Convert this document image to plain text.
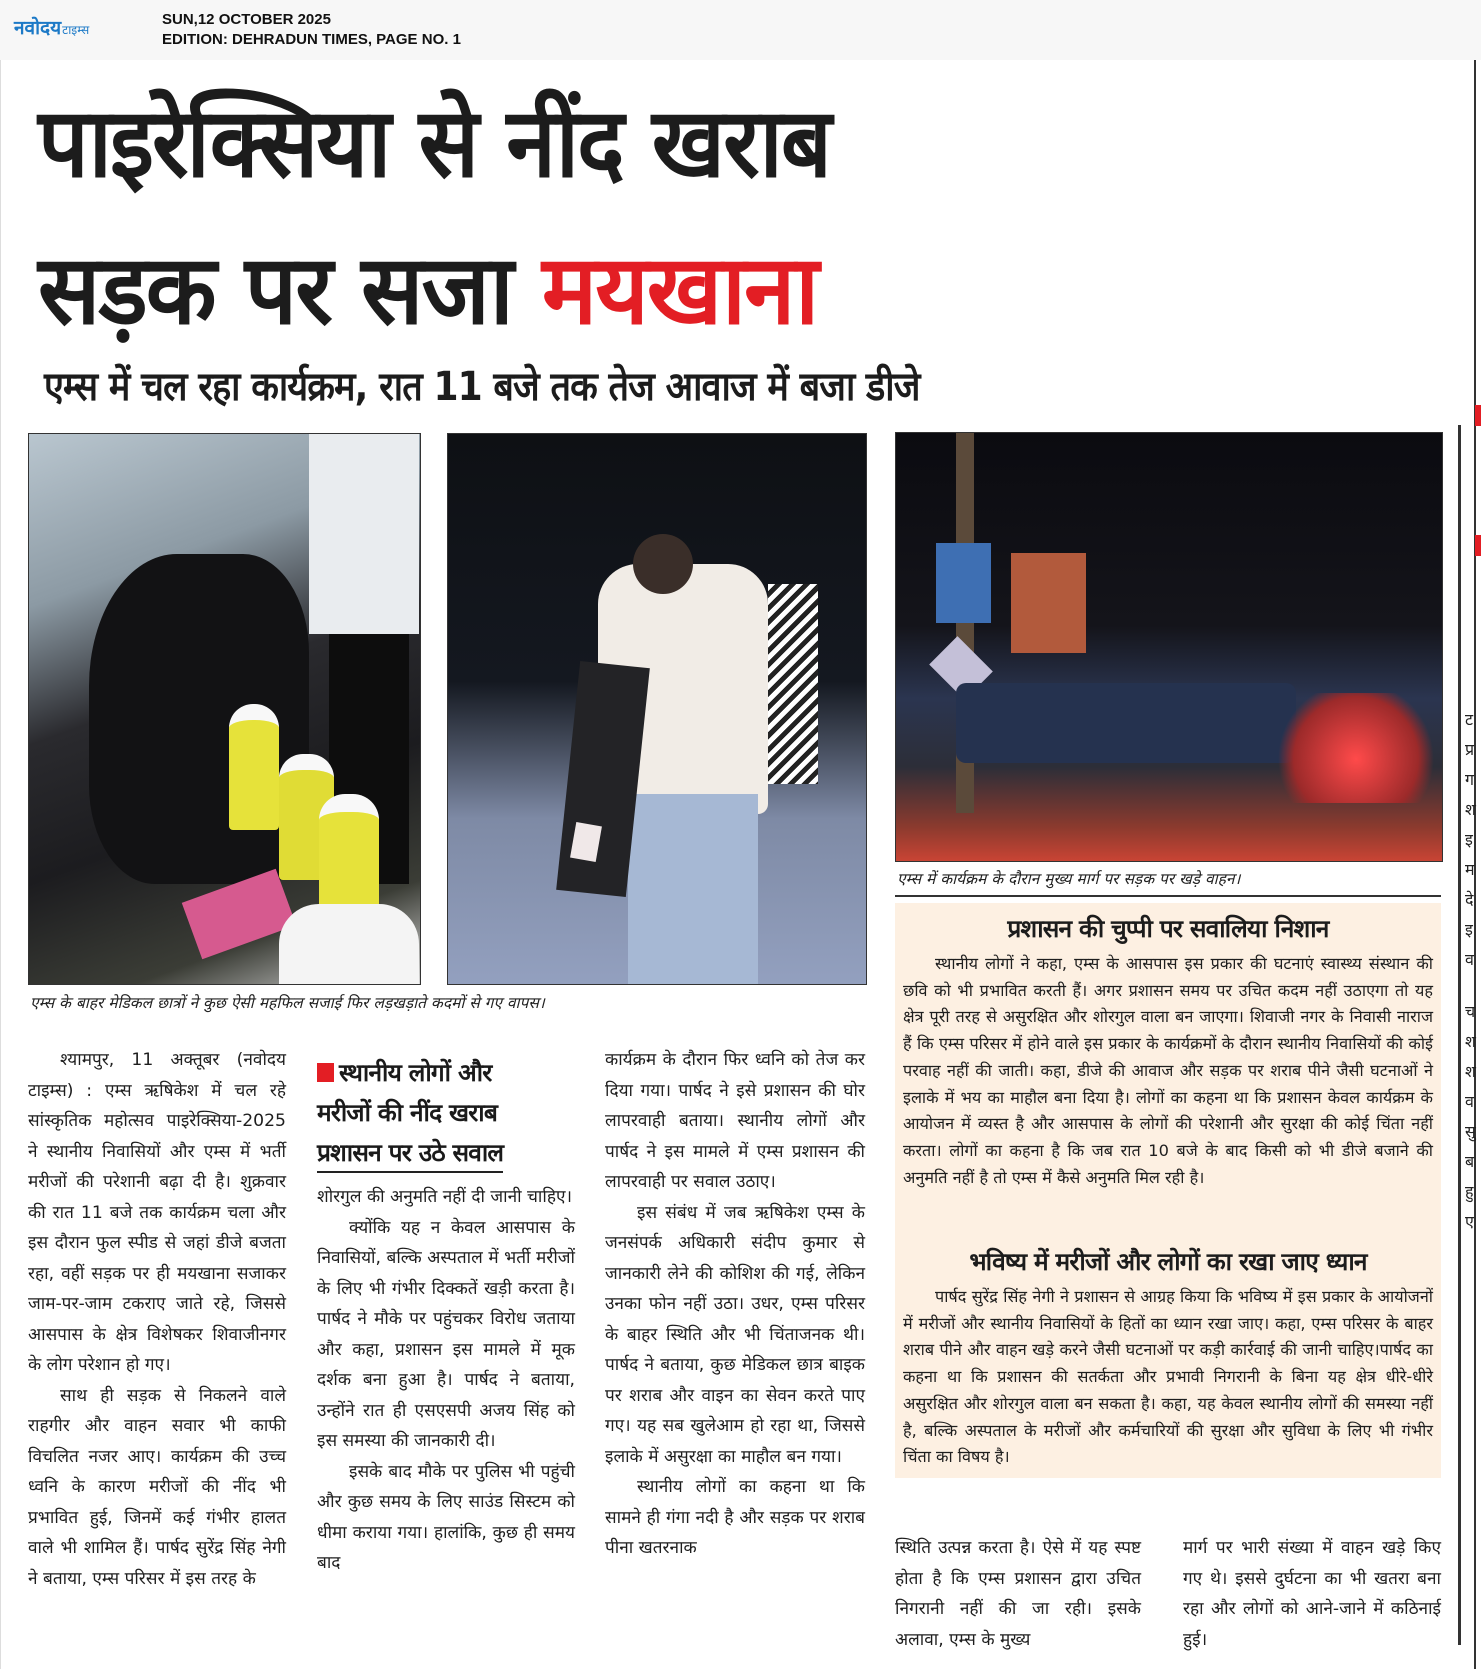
नवोदयटाइम्स
SUN,12 OCTOBER 2025
EDITION: DEHRADUN TIMES, PAGE NO. 1
पाइरेक्सिया से नींद खराब
सड़क पर सजा मयखाना
एम्स में चल रहा कार्यक्रम, रात 11 बजे तक तेज आवाज में बजा डीजे
एम्स के बाहर मेडिकल छात्रों ने कुछ ऐसी महफिल सजाई फिर लड़खड़ाते कदमों से गए वापस।
एम्स में कार्यक्रम के दौरान मुख्य मार्ग पर सड़क पर खड़े वाहन।

श्यामपुर, 11 अक्तूबर (नवोदय टाइम्स) : एम्स ऋषिकेश में चल रहे सांस्कृतिक महोत्सव पाइरेक्सिया-2025 ने स्थानीय निवासियों और एम्स में भर्ती मरीजों की परेशानी बढ़ा दी है। शुक्रवार की रात 11 बजे तक कार्यक्रम चला और इस दौरान फुल स्पीड से जहां डीजे बजता रहा, वहीं सड़क पर ही मयखाना सजाकर जाम-पर-जाम टकराए जाते रहे, जिससे आसपास के क्षेत्र विशेषकर शिवाजीनगर के लोग परेशान हो गए।

साथ ही सड़क से निकलने वाले राहगीर और वाहन सवार भी काफी विचलित नजर आए। कार्यक्रम की उच्च ध्वनि के कारण मरीजों की नींद भी प्रभावित हुई, जिनमें कई गंभीर हालत वाले भी शामिल हैं। पार्षद सुरेंद्र सिंह नेगी ने बताया, एम्स परिसर में इस तरह के

स्थानीय लोगों और
मरीजों की नींद खराब
प्रशासन पर उठे सवाल

शोरगुल की अनुमति नहीं दी जानी चाहिए।

क्योंकि यह न केवल आसपास के निवासियों, बल्कि अस्पताल में भर्ती मरीजों के लिए भी गंभीर दिक्कतें खड़ी करता है। पार्षद ने मौके पर पहुंचकर विरोध जताया और कहा, प्रशासन इस मामले में मूक दर्शक बना हुआ है। पार्षद ने बताया, उन्होंने रात ही एसएसपी अजय सिंह को इस समस्या की जानकारी दी।

इसके बाद मौके पर पुलिस भी पहुंची और कुछ समय के लिए साउंड सिस्टम को धीमा कराया गया। हालांकि, कुछ ही समय बाद

कार्यक्रम के दौरान फिर ध्वनि को तेज कर दिया गया। पार्षद ने इसे प्रशासन की घोर लापरवाही बताया। स्थानीय लोगों और पार्षद ने इस मामले में एम्स प्रशासन की लापरवाही पर सवाल उठाए।

इस संबंध में जब ऋषिकेश एम्स के जनसंपर्क अधिकारी संदीप कुमार से जानकारी लेने की कोशिश की गई, लेकिन उनका फोन नहीं उठा। उधर, एम्स परिसर के बाहर स्थिति और भी चिंताजनक थी। पार्षद ने बताया, कुछ मेडिकल छात्र बाइक पर शराब और वाइन का सेवन करते पाए गए। यह सब खुलेआम हो रहा था, जिससे इलाके में असुरक्षा का माहौल बन गया।

स्थानीय लोगों का कहना था कि सामने ही गंगा नदी है और सड़क पर शराब पीना खतरनाक

प्रशासन की चुप्पी पर सवालिया निशान

स्थानीय लोगों ने कहा, एम्स के आसपास इस प्रकार की घटनाएं स्वास्थ्य संस्थान की छवि को भी प्रभावित करती हैं। अगर प्रशासन समय पर उचित कदम नहीं उठाएगा तो यह क्षेत्र पूरी तरह से असुरक्षित और शोरगुल वाला बन जाएगा। शिवाजी नगर के निवासी नाराज हैं कि एम्स परिसर में होने वाले इस प्रकार के कार्यक्रमों के दौरान स्थानीय निवासियों की कोई परवाह नहीं की जाती। कहा, डीजे की आवाज और सड़क पर शराब पीने जैसी घटनाओं ने इलाके में भय का माहौल बना दिया है। लोगों का कहना था कि प्रशासन केवल कार्यक्रम के आयोजन में व्यस्त है और आसपास के लोगों की परेशानी और सुरक्षा की कोई चिंता नहीं करता। लोगों का कहना है कि जब रात 10 बजे के बाद किसी को भी डीजे बजाने की अनुमति नहीं है तो एम्स में कैसे अनुमति मिल रही है।

भविष्य में मरीजों और लोगों का रखा जाए ध्यान

पार्षद सुरेंद्र सिंह नेगी ने प्रशासन से आग्रह किया कि भविष्य में इस प्रकार के आयोजनों में मरीजों और स्थानीय निवासियों के हितों का ध्यान रखा जाए। कहा, एम्स परिसर के बाहर शराब पीने और वाहन खड़े करने जैसी घटनाओं पर कड़ी कार्रवाई की जानी चाहिए।पार्षद का कहना था कि प्रशासन की सतर्कता और प्रभावी निगरानी के बिना यह क्षेत्र धीरे-धीरे असुरक्षित और शोरगुल वाला बन सकता है। कहा, यह केवल स्थानीय लोगों की समस्या नहीं है, बल्कि अस्पताल के मरीजों और कर्मचारियों की सुरक्षा और सुविधा के लिए भी गंभीर चिंता का विषय है।

स्थिति उत्पन्न करता है। ऐसे में यह स्पष्ट होता है कि एम्स प्रशासन द्वारा उचित निगरानी नहीं की जा रही। इसके अलावा, एम्स के मुख्य

मार्ग पर भारी संख्या में वाहन खड़े किए गए थे। इससे दुर्घटना का भी खतरा बना रहा और लोगों को आने-जाने में कठिनाई हुई।

ट
प्र
ग
श
इ
म
दे
इ
व
च
श
श
व
सु
ब
हु
ए
